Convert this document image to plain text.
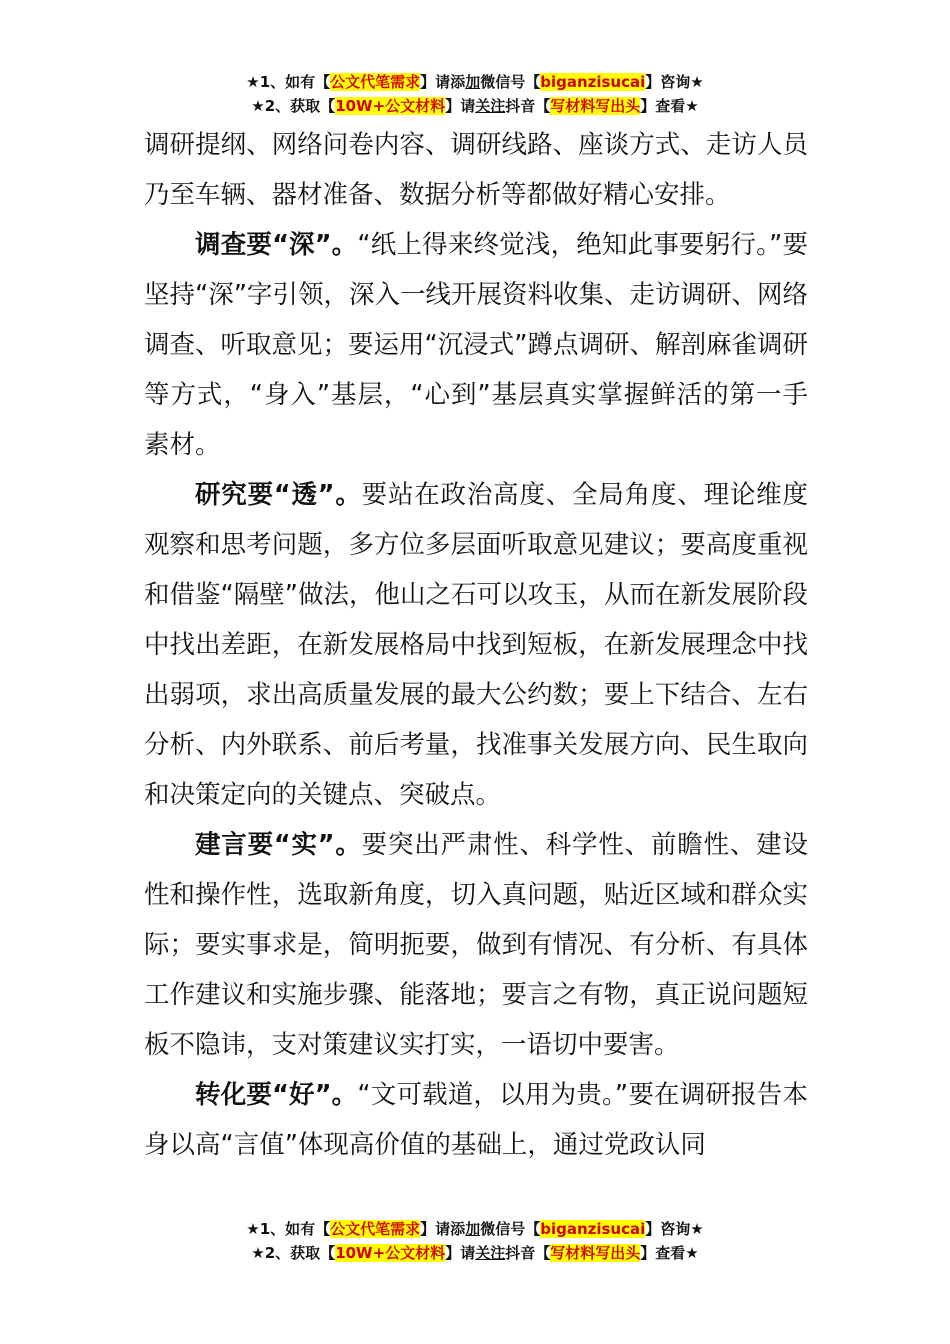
★1、如有【公文代笔需求】请添加微信号【biganzisucai】咨询★
★2、获取【10W+公文材料】请关注抖音【写材料写出头】查看★

调研提纲、网络问卷内容、调研线路、座谈方式、走访人员乃至车辆、器材准备、数据分析等都做好精心安排。

调查要“深”。“纸上得来终觉浅，绝知此事要躬行。”要坚持“深”字引领，深入一线开展资料收集、走访调研、网络调查、听取意见；要运用“沉浸式”蹲点调研、解剖麻雀调研等方式，“身入”基层，“心到”基层真实掌握鲜活的第一手素材。

研究要“透”。要站在政治高度、全局角度、理论维度观察和思考问题，多方位多层面听取意见建议；要高度重视和借鉴“隔壁”做法，他山之石可以攻玉，从而在新发展阶段中找出差距，在新发展格局中找到短板，在新发展理念中找出弱项，求出高质量发展的最大公约数；要上下结合、左右分析、内外联系、前后考量，找准事关发展方向、民生取向和决策定向的关键点、突破点。

建言要“实”。要突出严肃性、科学性、前瞻性、建设性和操作性，选取新角度，切入真问题，贴近区域和群众实际；要实事求是，简明扼要，做到有情况、有分析、有具体工作建议和实施步骤、能落地；要言之有物，真正说问题短板不隐讳，支对策建议实打实，一语切中要害。

转化要“好”。“文可载道，以用为贵。”要在调研报告本身以高“言值”体现高价值的基础上，通过党政认同

★1、如有【公文代笔需求】请添加微信号【biganzisucai】咨询★
★2、获取【10W+公文材料】请关注抖音【写材料写出头】查看★
